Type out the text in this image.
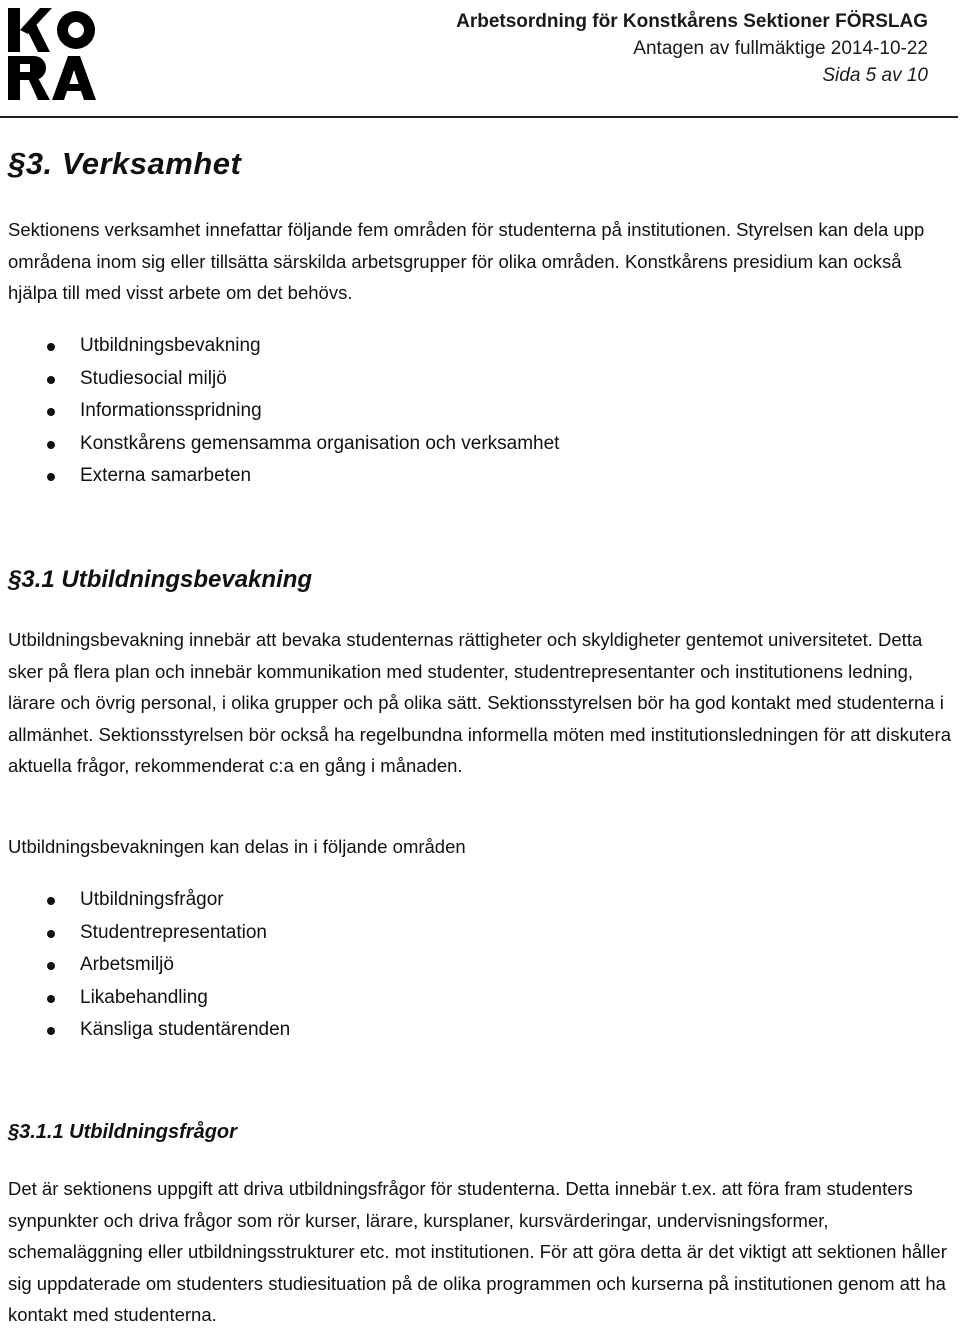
Arbetsordning för Konstkårens Sektioner FÖRSLAG
Antagen av fullmäktige 2014-10-22
Sida 5 av 10
§3. Verksamhet
Sektionens verksamhet innefattar följande fem områden för studenterna på institutionen. Styrelsen kan dela upp områdena inom sig eller tillsätta särskilda arbetsgrupper för olika områden. Konstkårens presidium kan också hjälpa till med visst arbete om det behövs.
Utbildningsbevakning
Studiesocial miljö
Informationsspridning
Konstkårens gemensamma organisation och verksamhet
Externa samarbeten
§3.1 Utbildningsbevakning

Utbildningsbevakning innebär att bevaka studenternas rättigheter och skyldigheter gentemot universitetet. Detta sker på flera plan och innebär kommunikation med studenter, studentrepresentanter och institutionens ledning, lärare och övrig personal, i olika grupper och på olika sätt. Sektionsstyrelsen bör ha god kontakt med studenterna i allmänhet. Sektionsstyrelsen bör också ha regelbundna informella möten med institutionsledningen för att diskutera aktuella frågor, rekommenderat c:a en gång i månaden.

Utbildningsbevakningen kan delas in i följande områden

Utbildningsfrågor
Studentrepresentation
Arbetsmiljö
Likabehandling
Känsliga studentärenden
§3.1.1 Utbildningsfrågor

Det är sektionens uppgift att driva utbildningsfrågor för studenterna. Detta innebär t.ex. att föra fram studenters synpunkter och driva frågor som rör kurser, lärare, kursplaner, kursvärderingar, undervisningsformer, schemaläggning eller utbildningsstrukturer etc. mot institutionen. För att göra detta är det viktigt att sektionen håller sig uppdaterade om studenters studiesituation på de olika programmen och kurserna på institutionen genom att ha kontakt med studenterna.
